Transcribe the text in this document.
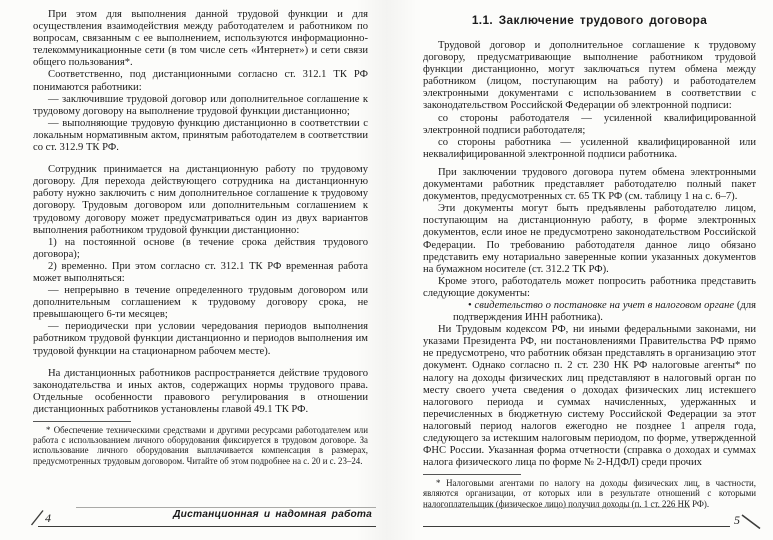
При этом для выполнения данной трудовой функции и для осуществления взаимодействия между работодателем и работником по вопросам, связанным с ее выполнением, используются информационно-телекоммуникационные сети (в том числе сеть «Интернет») и сети связи общего пользования*.

Соответственно, под дистанционными согласно ст. 312.1 ТК РФ понимаются работники:

— заключившие трудовой договор или дополнительное соглашение к трудовому договору на выполнение трудовой функции дистанционно;

— выполняющие трудовую функцию дистанционно в соответствии с локальным нормативным актом, принятым работодателем в соответствии со ст. 312.9 ТК РФ.

Сотрудник принимается на дистанционную работу по трудовому договору. Для перехода действующего сотрудника на дистанционную работу нужно заключить с ним дополнительное соглашение к трудовому договору. Трудовым договором или дополнительным соглашением к трудовому договору может предусматриваться один из двух вариантов выполнения работником трудовой функции дистанционно:

1) на постоянной основе (в течение срока действия трудового договора);

2) временно. При этом согласно ст. 312.1 ТК РФ временная работа может выполняться:

— непрерывно в течение определенного трудовым договором или дополнительным соглашением к трудовому договору срока, не превышающего 6-ти месяцев;

— периодически при условии чередования периодов выполнения работником трудовой функции дистанционно и периодов выполнения им трудовой функции на стационарном рабочем месте).

На дистанционных работников распространяется действие трудового законодательства и иных актов, содержащих нормы трудового права. Отдельные особенности правового регулирования в отношении дистанционных работников установлены главой 49.1 ТК РФ.

* Обеспечение техническими средствами и другими ресурсами работодателем или работа с использованием личного оборудования фиксируется в трудовом договоре. За использование личного оборудования выплачивается компенсация в размерах, предусмотренных трудовым договором. Читайте об этом подробнее на с. 20 и с. 23–24.

4	Дистанционная и надомная работа
1.1. Заключение трудового договора

Трудовой договор и дополнительное соглашение к трудовому договору, предусматривающие выполнение работником трудовой функции дистанционно, могут заключаться путем обмена между работником (лицом, поступающим на работу) и работодателем электронными документами с использованием в соответствии с законодательством Российской Федерации об электронной подписи:

со стороны работодателя — усиленной квалифицированной электронной подписи работодателя;

со стороны работника — усиленной квалифицированной или неквалифицированной электронной подписи работника.

При заключении трудового договора путем обмена электронными документами работник представляет работодателю полный пакет документов, предусмотренных ст. 65 ТК РФ (см. таблицу 1 на с. 6–7).

Эти документы могут быть предъявлены работодателю лицом, поступающим на дистанционную работу, в форме электронных документов, если иное не предусмотрено законодательством Российской Федерации. По требованию работодателя данное лицо обязано представить ему нотариально заверенные копии указанных документов на бумажном носителе (ст. 312.2 ТК РФ).

Кроме этого, работодатель может попросить работника представить следующие документы:

• свидетельство о постановке на учет в налоговом органе (для подтверждения ИНН работника).

Ни Трудовым кодексом РФ, ни иными федеральными законами, ни указами Президента РФ, ни постановлениями Правительства РФ прямо не предусмотрено, что работник обязан представлять в организацию этот документ. Однако согласно п. 2 ст. 230 НК РФ налоговые агенты* по налогу на доходы физических лиц представляют в налоговый орган по месту своего учета сведения о доходах физических лиц истекшего налогового периода и суммах начисленных, удержанных и перечисленных в бюджетную систему Российской Федерации за этот налоговый период налогов ежегодно не позднее 1 апреля года, следующего за истекшим налоговым периодом, по форме, утвержденной ФНС России. Указанная форма отчетности (справка о доходах и суммах налога физического лица по форме № 2-НДФЛ) среди прочих

* Налоговыми агентами по налогу на доходы физических лиц, в частности, являются организации, от которых или в результате отношений с которыми налогоплательщик (физическое лицо) получил доходы (п. 1 ст. 226 НК РФ).

5
